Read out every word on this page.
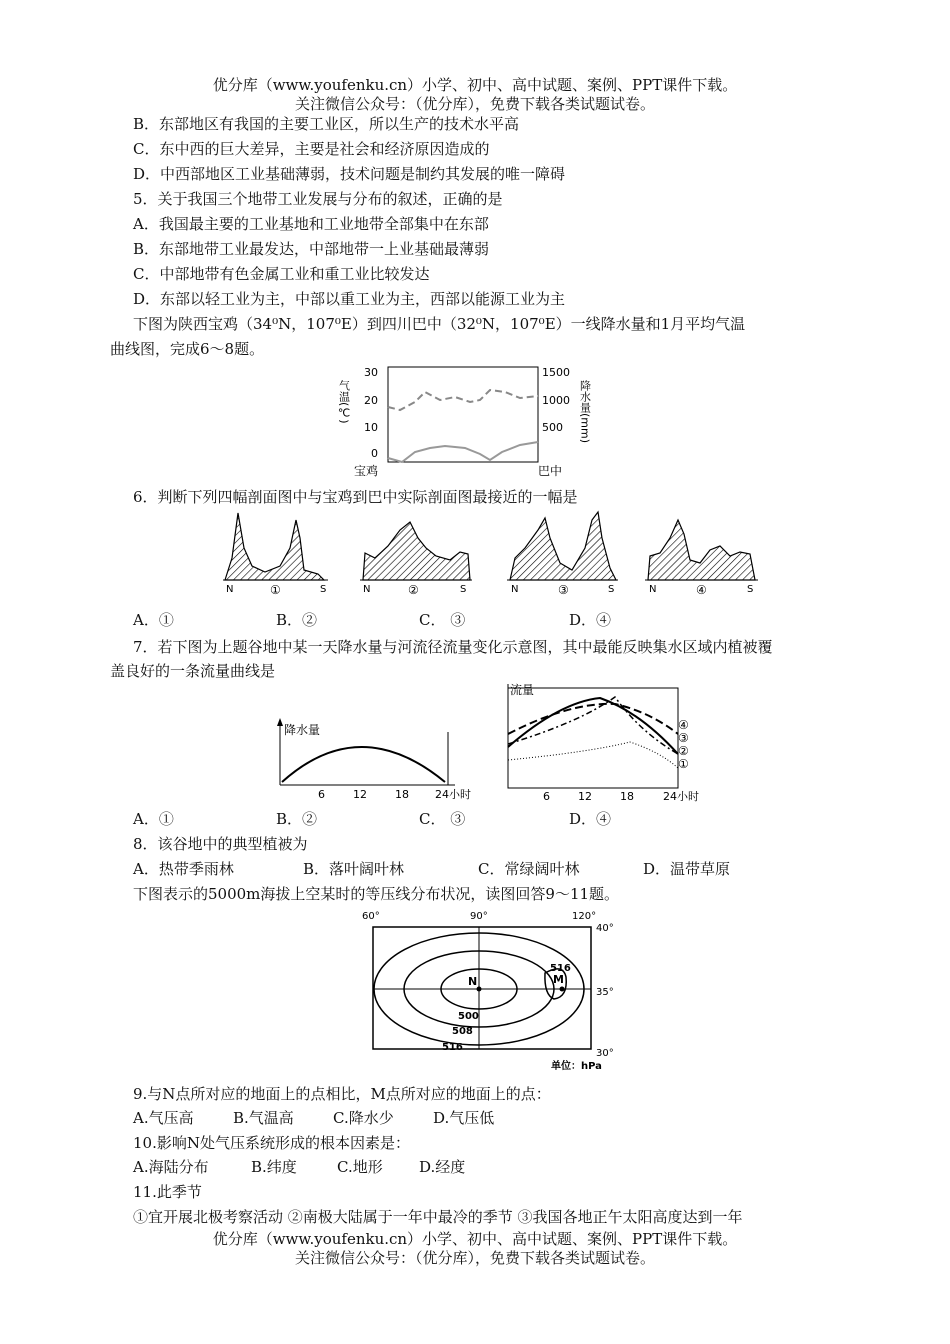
优分库（www.youfenku.cn）小学、初中、高中试题、案例、PPT课件下载。
关注微信公众号：（优分库），免费下载各类试题试卷。
B．东部地区有我国的主要工业区，所以生产的技术水平高
C．东中西的巨大差异，主要是社会和经济原因造成的
D．中西部地区工业基础薄弱，技术问题是制约其发展的唯一障碍
5．关于我国三个地带工业发展与分布的叙述，正确的是
A．我国最主要的工业基地和工业地带全部集中在东部
B．东部地带工业最发达，中部地带一上业基础最薄弱
C．中部地带有色金属工业和重工业比较发达
D．东部以轻工业为主，中部以重工业为主，西部以能源工业为主
下图为陕西宝鸡（34⁰N，107⁰E）到四川巴中（32⁰N，107⁰E）一线降水量和1月平均气温
曲线图，完成6～8题。
30
20
10
0
1500
1000
500
气温(℃)	降水量(mm)
宝鸡	巴中
6．判断下列四幅剖面图中与宝鸡到巴中实际剖面图最接近的一幅是
N	①	S	N	②	S	N	③	S	N	④	S
A．①	B．②	C． ③	D．④
7．若下图为上题谷地中某一天降水量与河流径流量变化示意图，其中最能反映集水区域内植被覆
盖良好的一条流量曲线是
降水量
6	12	18 24小时
流量
④
③
②
①
6	12	18	24小时
A．①	B．②	C． ③	D．④
8．该谷地中的典型植被为
A．热带季雨林	B．落叶阔叶林	C．常绿阔叶林	D．温带草原
下图表示的5000m海拔上空某时的等压线分布状况，读图回答9～11题。
60°	90°	120°
40°
35°
30°
N	M
500
508
516
516
单位：hPa
9.与N点所对应的地面上的点相比，M点所对应的地面上的点：
A.气压高	B.气温高	C.降水少	D.气压低
10.影响N处气压系统形成的根本因素是：
A.海陆分布	B.纬度	C.地形 D.经度
11.此季节
①宜开展北极考察活动 ②南极大陆属于一年中最冷的季节 ③我国各地正午太阳高度达到一年
优分库（www.youfenku.cn）小学、初中、高中试题、案例、PPT课件下载。
关注微信公众号：（优分库），免费下载各类试题试卷。
